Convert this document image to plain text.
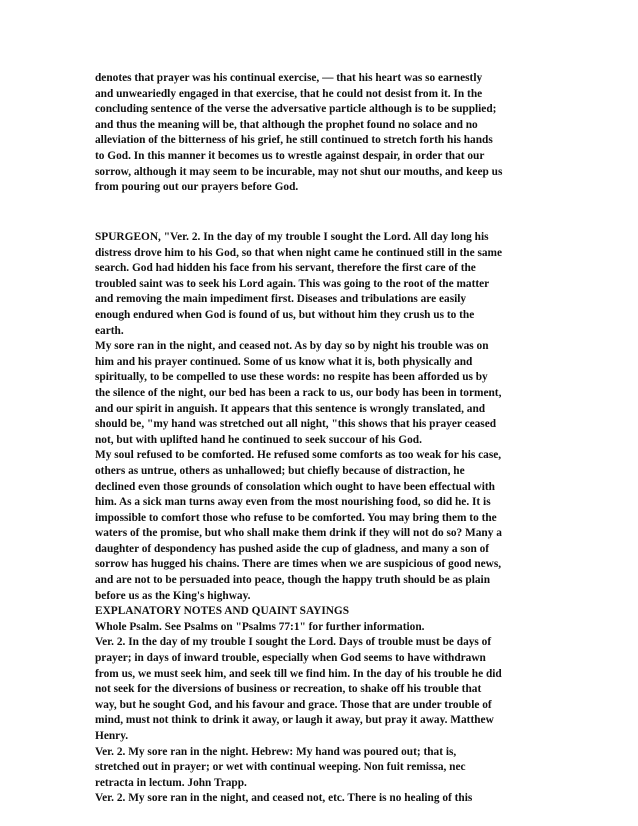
denotes that prayer was his continual exercise, — that his heart was so earnestly
and unweariedly engaged in that exercise, that he could not desist from it. In the
concluding sentence of the verse the adversative particle although is to be supplied;
and thus the meaning will be, that although the prophet found no solace and no
alleviation of the bitterness of his grief, he still continued to stretch forth his hands
to God. In this manner it becomes us to wrestle against despair, in order that our
sorrow, although it may seem to be incurable, may not shut our mouths, and keep us
from pouring out our prayers before God.
SPURGEON, "Ver. 2. In the day of my trouble I sought the Lord. All day long his
distress drove him to his God, so that when night came he continued still in the same
search. God had hidden his face from his servant, therefore the first care of the
troubled saint was to seek his Lord again. This was going to the root of the matter
and removing the main impediment first. Diseases and tribulations are easily
enough endured when God is found of us, but without him they crush us to the
earth.
My sore ran in the night, and ceased not. As by day so by night his trouble was on
him and his prayer continued. Some of us know what it is, both physically and
spiritually, to be compelled to use these words: no respite has been afforded us by
the silence of the night, our bed has been a rack to us, our body has been in torment,
and our spirit in anguish. It appears that this sentence is wrongly translated, and
should be, "my hand was stretched out all night, "this shows that his prayer ceased
not, but with uplifted hand he continued to seek succour of his God.
My soul refused to be comforted. He refused some comforts as too weak for his case,
others as untrue, others as unhallowed; but chiefly because of distraction, he
declined even those grounds of consolation which ought to have been effectual with
him. As a sick man turns away even from the most nourishing food, so did he. It is
impossible to comfort those who refuse to be comforted. You may bring them to the
waters of the promise, but who shall make them drink if they will not do so? Many a
daughter of despondency has pushed aside the cup of gladness, and many a son of
sorrow has hugged his chains. There are times when we are suspicious of good news,
and are not to be persuaded into peace, though the happy truth should be as plain
before us as the King's highway.
EXPLANATORY NOTES AND QUAINT SAYINGS
Whole Psalm. See Psalms on "Psalms 77:1" for further information.
Ver. 2. In the day of my trouble I sought the Lord. Days of trouble must be days of
prayer; in days of inward trouble, especially when God seems to have withdrawn
from us, we must seek him, and seek till we find him. In the day of his trouble he did
not seek for the diversions of business or recreation, to shake off his trouble that
way, but he sought God, and his favour and grace. Those that are under trouble of
mind, must not think to drink it away, or laugh it away, but pray it away. Matthew
Henry.
Ver. 2. My sore ran in the night. Hebrew: My hand was poured out; that is,
stretched out in prayer; or wet with continual weeping. Non fuit remissa, nec
retracta in lectum. John Trapp.
Ver. 2. My sore ran in the night, and ceased not, etc. There is no healing of this
